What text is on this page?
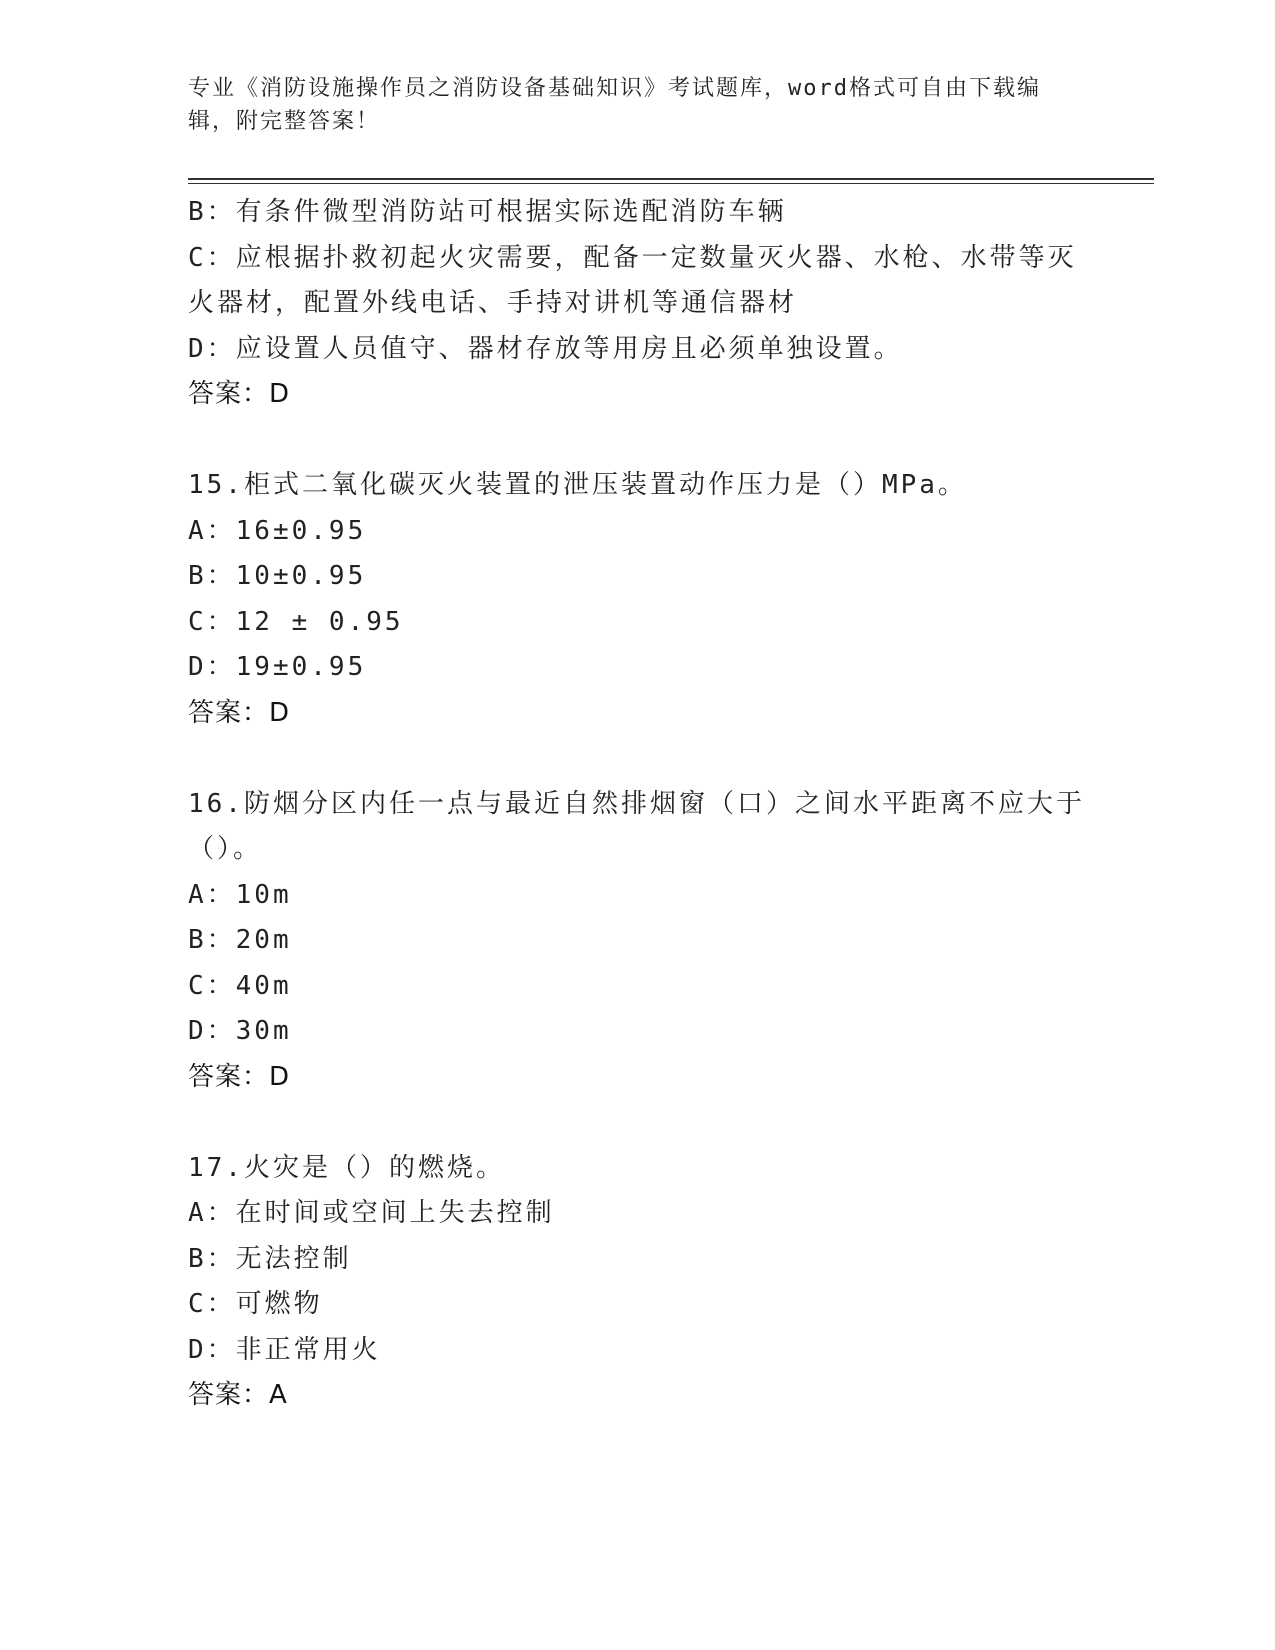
专业《消防设施操作员之消防设备基础知识》考试题库，word格式可自由下载编
辑，附完整答案！
B：有条件微型消防站可根据实际选配消防车辆
C：应根据扑救初起火灾需要，配备一定数量灭火器、水枪、水带等灭
火器材，配置外线电话、手持对讲机等通信器材
D：应设置人员值守、器材存放等用房且必须单独设置。
答案：D
15.柜式二氧化碳灭火装置的泄压装置动作压力是（）MPa。
A：16±0.95
B：10±0.95
C：12 ± 0.95
D：19±0.95
答案：D
16.防烟分区内任一点与最近自然排烟窗（口）之间水平距离不应大于
（）。
A：10m
B：20m
C：40m
D：30m
答案：D
17.火灾是（）的燃烧。
A：在时间或空间上失去控制
B：无法控制
C：可燃物
D：非正常用火
答案：A
